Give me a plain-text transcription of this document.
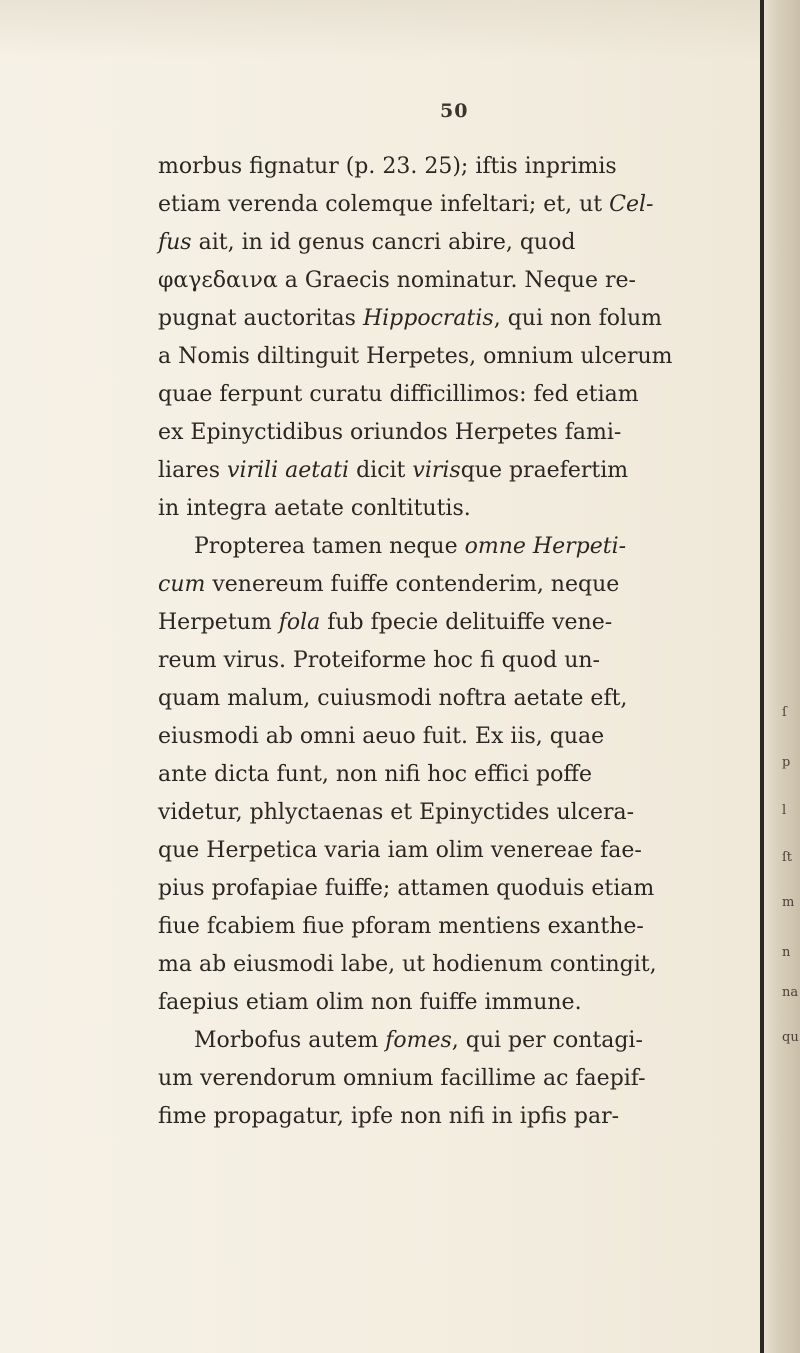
50
morbus fignatur (p. 23. 25); iftis inprimis
etiam verenda colemque infeltari; et, ut Cel-
fus ait, in id genus cancri abire, quod
φαγεδαινα a Graecis nominatur. Neque re-
pugnat auctoritas Hippocratis, qui non folum
a Nomis diltinguit Herpetes, omnium ulcerum
quae ferpunt curatu difficillimos: fed etiam
ex Epinyctidibus oriundos Herpetes fami-
liares virili aetati dicit virisque praefertim
in integra aetate conltitutis.
Propterea tamen neque omne Herpeti-
cum venereum fuiffe contenderim, neque
Herpetum fola fub fpecie delituiffe vene-
reum virus. Proteiforme hoc fi quod un-
quam malum, cuiusmodi noftra aetate eft,
eiusmodi ab omni aeuo fuit. Ex iis, quae
ante dicta funt, non nifi hoc effici poffe
videtur, phlyctaenas et Epinyctides ulcera-
que Herpetica varia iam olim venereae fae-
pius profapiae fuiffe; attamen quoduis etiam
fiue fcabiem fiue pforam mentiens exanthe-
ma ab eiusmodi labe, ut hodienum contingit,
faepius etiam olim non fuiffe immune.
Morbofus autem fomes, qui per contagi-
um verendorum omnium facillime ac faepif-
fime propagatur, ipfe non nifi in ipfis par-
ſ
p
l
ſt
m
n
na
qu
